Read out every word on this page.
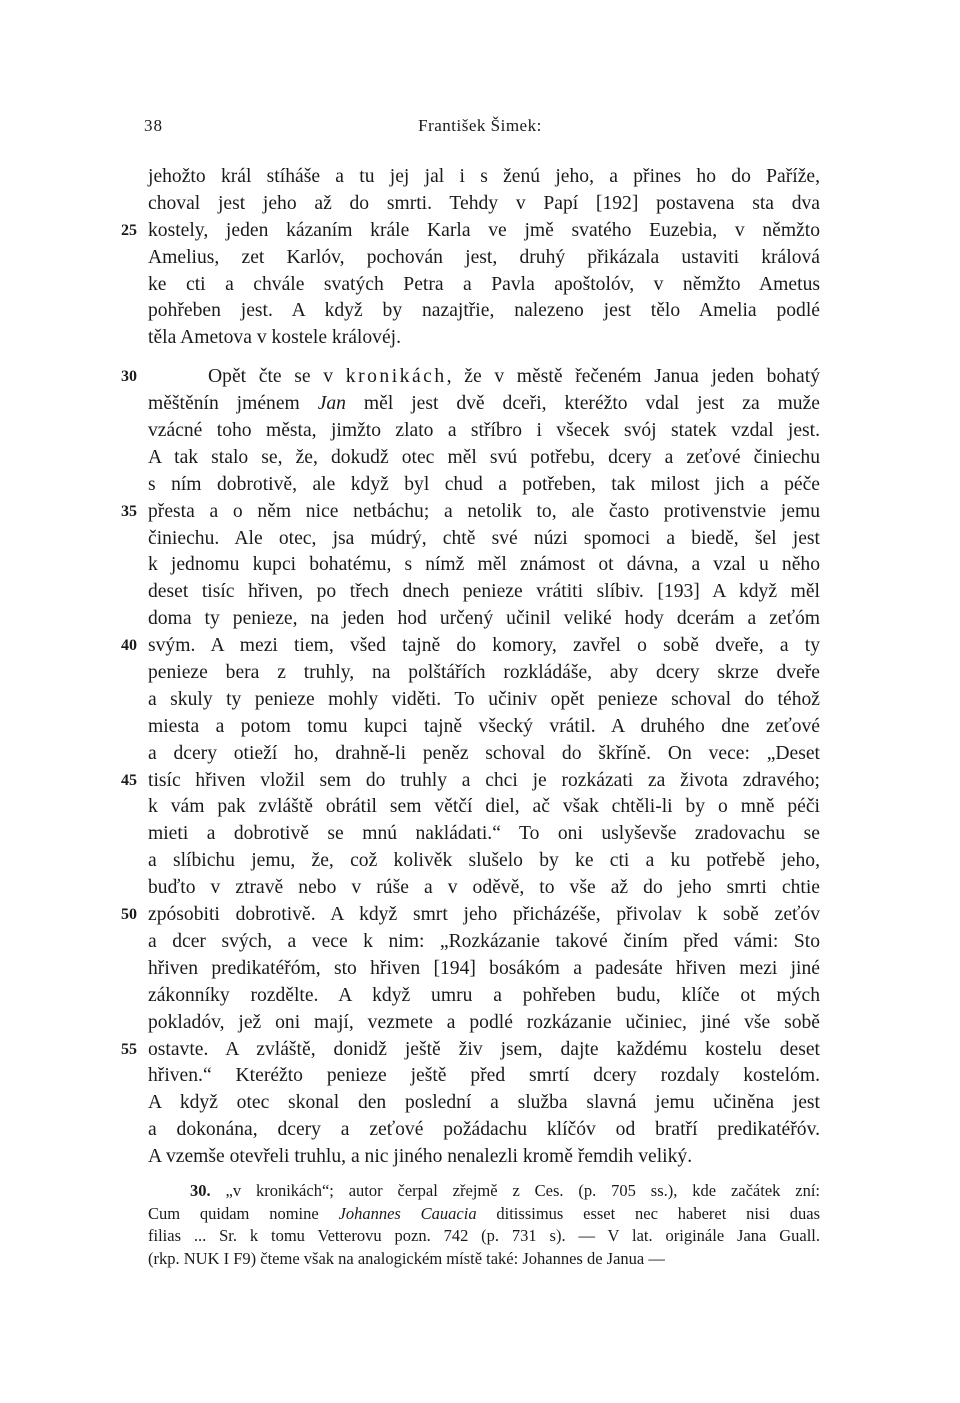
38	František Šimek:
jehožto král stíháše a tu jej jal i s ženú jeho, a přines ho do Paříže,
choval jest jeho až do smrti. Tehdy v Papí [192] postavena sta dva
25 kostely, jeden kázaním krále Karla ve jmě svatého Euzebia, v němžto
Amelius, zet Karlóv, pochován jest, druhý přikázala ustaviti králová
ke cti a chvále svatých Petra a Pavla apoštolóv, v němžto Ametus
pohřeben jest. A když by nazajtřie, nalezeno jest tělo Amelia podlé
těla Ametova v kostele královéj.
30	Opět čte se v kronikách, že v městě řečeném Janua jeden bohatý
měštěnín jménem Jan měl jest dvě dceři, kteréžto vdal jest za muže
vzácné toho města, jimžto zlato a stříbro i všecek svój statek vzdal jest.
A tak stalo se, že, dokudž otec měl svú potřebu, dcery a zeťové činiechu
s ním dobrotivě, ale když byl chud a potřeben, tak milost jich a péče
35 přesta a o něm nice netbáchu; a netolik to, ale často protivenstvie jemu
činiechu. Ale otec, jsa múdrý, chtě své núzi spomoci a biedě, šel jest
k jednomu kupci bohatému, s nímž měl známost ot dávna, a vzal u něho
deset tisíc hřiven, po třech dnech penieze vrátiti slíbiv. [193] A když měl
doma ty penieze, na jeden hod určený učinil veliké hody dcerám a zeťóm
40 svým. A mezi tiem, všed tajně do komory, zavřel o sobě dveře, a ty
penieze bera z truhly, na polštářích rozkládáše, aby dcery skrze dveře
a skuly ty penieze mohly viděti. To učiniv opět penieze schoval do téhož
miesta a potom tomu kupci tajně všecký vrátil. A druhého dne zeťové
a dcery otieží ho, drahně-li peněz schoval do škříně. On vece: „Deset
45 tisíc hřiven vložil sem do truhly a chci je rozkázati za života zdravého;
k vám pak zvláště obrátil sem větčí diel, ač však chtěli-li by o mně péči
mieti a dobrotivě se mnú nakládati.“ To oni uslyševše zradovachu se
a slíbichu jemu, že, což kolivěk slušelo by ke cti a ku potřebě jeho,
buďto v ztravě nebo v rúše a v oděvě, to vše až do jeho smrti chtie
50 zpósobiti dobrotivě. A když smrt jeho přicházéše, přivolav k sobě zeťóv
a dcer svých, a vece k nim: „Rozkázanie takové činím před vámi: Sto
hřiven predikatéřóm, sto hřiven [194] bosákóm a padesáte hřiven mezi jiné
zákonníky rozdělte. A když umru a pohřeben budu, klíče ot mých
pokladóv, jež oni mají, vezmete a podlé rozkázanie učiniec, jiné vše sobě
55 ostavte. A zvláště, donidž ještě živ jsem, dajte každému kostelu deset
hřiven.“ Kteréžto penieze ještě před smrtí dcery rozdaly kostelóm.
A když otec skonal den poslední a služba slavná jemu učiněna jest
a dokonána, dcery a zeťové požádachu klíčóv od bratří predikatéřóv.
A vzemše otevřeli truhlu, a nic jiného nenalezli kromě řemdih veliký.
30. „v kronikách“; autor čerpal zřejmě z Ces. (p. 705 ss.), kde začátek zní:
Cum quidam nomine Johannes Cauacia ditissimus esset nec haberet nisi duas
filias ... Sr. k tomu Vetterovu pozn. 742 (p. 731 s). — V lat. originále Jana Guall.
(rkp. NUK I F9) čteme však na analogickém místě také: Johannes de Janua —
